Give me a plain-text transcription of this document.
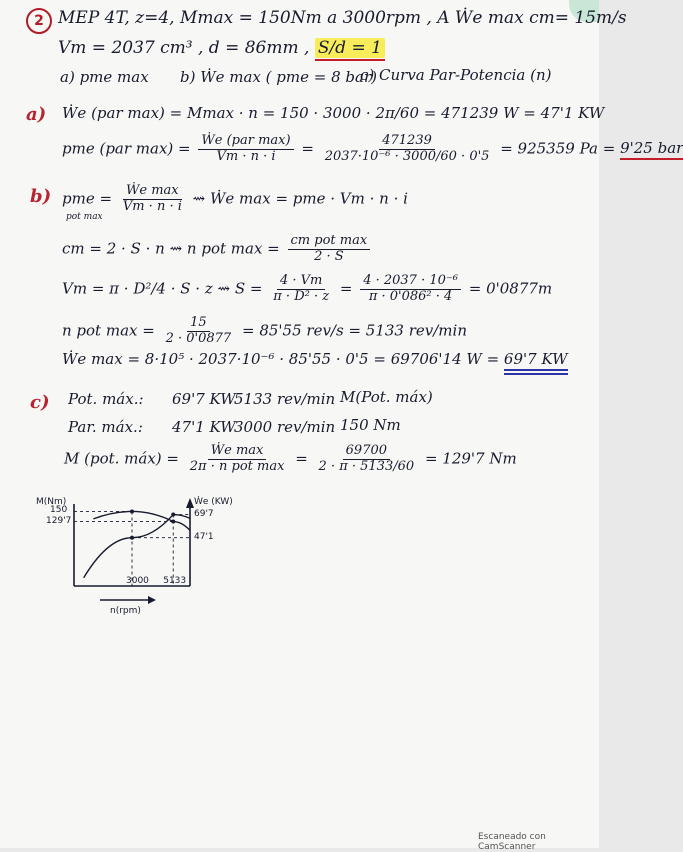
2 MEP 4T, z=4, Mmax = 150Nm a 3000rpm , A Ẇe max cm= 15m/s
Vт = 2037 cm³ , d = 86mm , S/d = 1
a) pme max b) Ẇe max ( pme = 8 bar)
c) Curva Par-Potencia (n)
a) Ẇe (par max) = Mmax · n = 150 · 3000 · 2π/60 = 471239 W = 47'1 KW
pme (par $\max) = \frac{\text{Ẇe (par max)}}{Vт \cdot n \cdot i} = \frac{471239}{\text{2037·10⁻⁶ · 3000/60 · 0'5}} = 925359$ Pa = 9'25 bar
b) pme = $\frac{\text{Ẇe max}}{Vт \cdot n \cdot i}$ ⇝ Ẇe max = pme · Vт · n · i
pot max
cm = 2 · S · n ⇝ n pot $\max = \frac{\text{cm pot max}}{2 \cdot S}$
Vт = π · D²/4 · S · z ⇝ $S = \frac{4 \cdot Vт}{\text{π · D² · z}} = \frac{\text{4 · 2037 · 10⁻⁶}}{\text{π · 0'086² · 4}} = 0'0877m$
n pot $\max = \frac{15}{2 \cdot 0'0877} = 85'55$ rev/s = 5133 rev/min
Ẇe max = 8·10⁵ · 2037·10⁻⁶ · 85'55 · 0'5 = 69706'14 W = 69'7 KW
c) Pot. máx.: 69'7 KW
5133 rev/min M(Pot. máx)
Par. máx.: 47'1 KW
3000 rev/min 150 Nm
M (pot. máx) = $\frac{\text{Ẇe max}}{\text{2π · n pot max}} = \frac{69700}{2 \cdot \pi \cdot 5133/60} = 129'7$ Nm
M(Nm)	Ẇe (KW)
150
129'7
69'7
47'1
3000 5133
n(rpm)
Escaneado con CamScanner
